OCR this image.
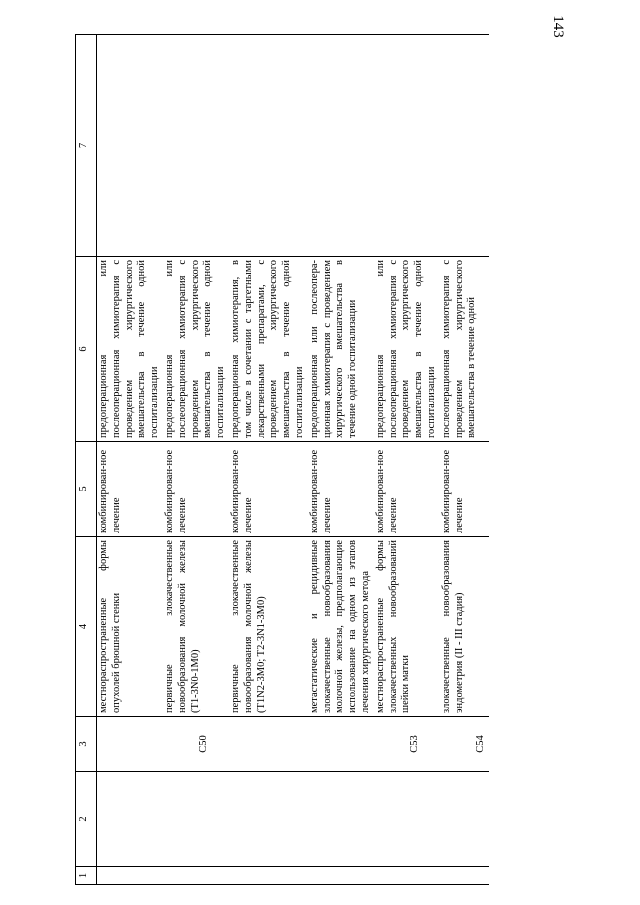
143
1	2	3	4	5	6	7
			местнораспространенные формы опухолей брюшной стенки	комбинирован-ное лечение	предоперационная или послеоперационная химиотерапия с проведением хирургического вмешательства в течение одной госпитализации	
		C50	первичные злокачественные новообразования молочной железы (T1-3N0-1M0)	комбинирован-ное лечение	предоперационная или послеоперационная химиотерапия с проведением хирургического вмешательства в течение одной госпитализации	
			первичные злокачественные новообразования молочной железы (T1N2-3M0; T2-3N1-3M0)	комбинирован-ное лечение	предоперационная химиотерапия, в том числе в сочетании с таргетными лекарственными препаратами, с проведением хирургического вмешательства в течение одной госпитализации	
			метастатические и рецидивные злокачественные новообразования молочной железы, предполагающие использование на одном из этапов лечения хирургического метода	комбинирован-ное лечение	предоперационная или послеопера-ционная химиотерапия с проведением хирургического вмешательства в течение одной госпитализации	
		C53	местнораспространенные формы злокачественных новообразований шейки матки	комбинирован-ное лечение	предоперационная или послеоперационная химиотерапия с проведением хирургического вмешательства в течение одной госпитализации	
		C54	злокачественные новообразования эндометрия (II - III стадия)	комбинирован-ное лечение	послеоперационная химиотерапия с проведением хирургического вмешательства в течение одной	
